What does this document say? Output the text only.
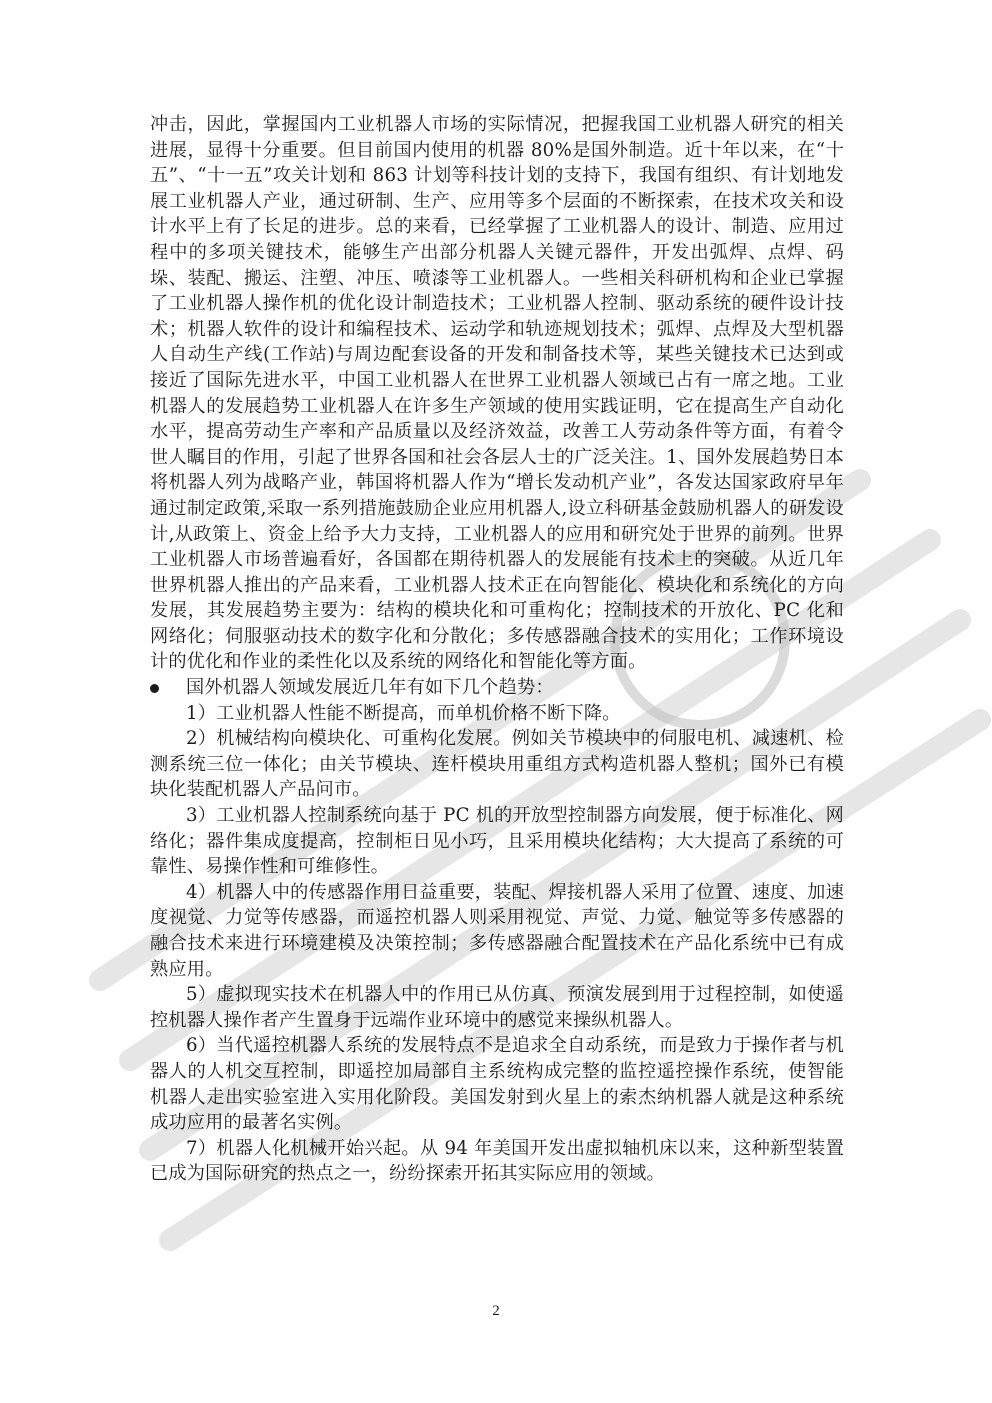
冲击，因此，掌握国内工业机器人市场的实际情况，把握我国工业机器人研究的相关进展，显得十分重要。但目前国内使用的机器 80%是国外制造。近十年以来，在“十五”、“十一五”攻关计划和 863 计划等科技计划的支持下，我国有组织、有计划地发展工业机器人产业，通过研制、生产、应用等多个层面的不断探索，在技术攻关和设计水平上有了长足的进步。总的来看，已经掌握了工业机器人的设计、制造、应用过程中的多项关键技术，能够生产出部分机器人关键元器件，开发出弧焊、点焊、码垛、装配、搬运、注塑、冲压、喷漆等工业机器人。一些相关科研机构和企业已掌握了工业机器人操作机的优化设计制造技术；工业机器人控制、驱动系统的硬件设计技术；机器人软件的设计和编程技术、运动学和轨迹规划技术；弧焊、点焊及大型机器人自动生产线(工作站)与周边配套设备的开发和制备技术等，某些关键技术已达到或接近了国际先进水平，中国工业机器人在世界工业机器人领域已占有一席之地。工业机器人的发展趋势工业机器人在许多生产领域的使用实践证明，它在提高生产自动化水平，提高劳动生产率和产品质量以及经济效益，改善工人劳动条件等方面，有着令世人瞩目的作用，引起了世界各国和社会各层人士的广泛关注。1、国外发展趋势日本将机器人列为战略产业，韩国将机器人作为“增长发动机产业”，各发达国家政府早年通过制定政策,采取一系列措施鼓励企业应用机器人,设立科研基金鼓励机器人的研发设计,从政策上、资金上给予大力支持，工业机器人的应用和研究处于世界的前列。世界工业机器人市场普遍看好，各国都在期待机器人的发展能有技术上的突破。从近几年世界机器人推出的产品来看，工业机器人技术正在向智能化、模块化和系统化的方向发展，其发展趋势主要为：结构的模块化和可重构化；控制技术的开放化、PC 化和网络化；伺服驱动技术的数字化和分散化；多传感器融合技术的实用化；工作环境设计的优化和作业的柔性化以及系统的网络化和智能化等方面。

国外机器人领域发展近几年有如下几个趋势：

1）工业机器人性能不断提高，而单机价格不断下降。

2）机械结构向模块化、可重构化发展。例如关节模块中的伺服电机、减速机、检测系统三位一体化；由关节模块、连杆模块用重组方式构造机器人整机；国外已有模块化装配机器人产品问市。

3）工业机器人控制系统向基于 PC 机的开放型控制器方向发展，便于标准化、网络化；器件集成度提高，控制柜日见小巧，且采用模块化结构；大大提高了系统的可靠性、易操作性和可维修性。

4）机器人中的传感器作用日益重要，装配、焊接机器人采用了位置、速度、加速度视觉、力觉等传感器，而遥控机器人则采用视觉、声觉、力觉、触觉等多传感器的融合技术来进行环境建模及决策控制；多传感器融合配置技术在产品化系统中已有成熟应用。

5）虚拟现实技术在机器人中的作用已从仿真、预演发展到用于过程控制，如使遥控机器人操作者产生置身于远端作业环境中的感觉来操纵机器人。

6）当代遥控机器人系统的发展特点不是追求全自动系统，而是致力于操作者与机器人的人机交互控制，即遥控加局部自主系统构成完整的监控遥控操作系统，使智能机器人走出实验室进入实用化阶段。美国发射到火星上的索杰纳机器人就是这种系统成功应用的最著名实例。

7）机器人化机械开始兴起。从 94 年美国开发出虚拟轴机床以来，这种新型装置已成为国际研究的热点之一，纷纷探索开拓其实际应用的领域。

2
